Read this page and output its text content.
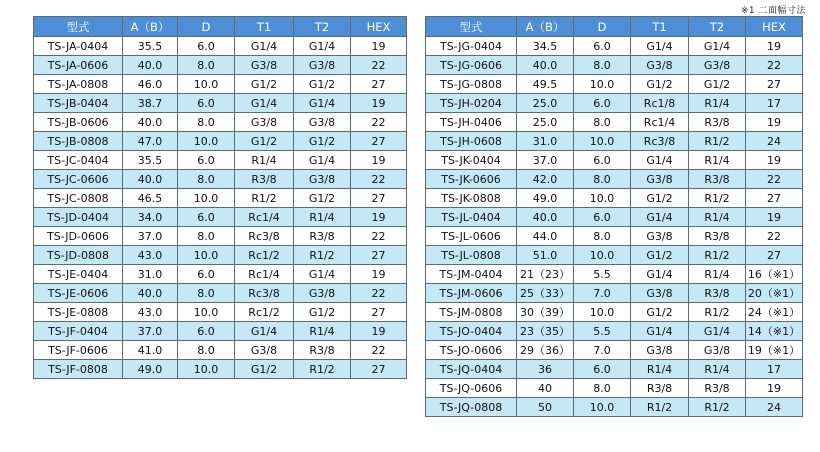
※1 二面幅寸法
型式	A（B）	D	T1	T2	HEX
TS-JA-0404	35.5	6.0	G1/4	G1/4	19
TS-JA-0606	40.0	8.0	G3/8	G3/8	22
TS-JA-0808	46.0	10.0	G1/2	G1/2	27
TS-JB-0404	38.7	6.0	G1/4	G1/4	19
TS-JB-0606	40.0	8.0	G3/8	G3/8	22
TS-JB-0808	47.0	10.0	G1/2	G1/2	27
TS-JC-0404	35.5	6.0	R1/4	G1/4	19
TS-JC-0606	40.0	8.0	R3/8	G3/8	22
TS-JC-0808	46.5	10.0	R1/2	G1/2	27
TS-JD-0404	34.0	6.0	Rc1/4	R1/4	19
TS-JD-0606	37.0	8.0	Rc3/8	R3/8	22
TS-JD-0808	43.0	10.0	Rc1/2	R1/2	27
TS-JE-0404	31.0	6.0	Rc1/4	G1/4	19
TS-JE-0606	40.0	8.0	Rc3/8	G3/8	22
TS-JE-0808	43.0	10.0	Rc1/2	G1/2	27
TS-JF-0404	37.0	6.0	G1/4	R1/4	19
TS-JF-0606	41.0	8.0	G3/8	R3/8	22
TS-JF-0808	49.0	10.0	G1/2	R1/2	27
型式	A（B）	D	T1	T2	HEX
TS-JG-0404	34.5	6.0	G1/4	G1/4	19
TS-JG-0606	40.0	8.0	G3/8	G3/8	22
TS-JG-0808	49.5	10.0	G1/2	G1/2	27
TS-JH-0204	25.0	6.0	Rc1/8	R1/4	17
TS-JH-0406	25.0	8.0	Rc1/4	R3/8	19
TS-JH-0608	31.0	10.0	Rc3/8	R1/2	24
TS-JK-0404	37.0	6.0	G1/4	R1/4	19
TS-JK-0606	42.0	8.0	G3/8	R3/8	22
TS-JK-0808	49.0	10.0	G1/2	R1/2	27
TS-JL-0404	40.0	6.0	G1/4	R1/4	19
TS-JL-0606	44.0	8.0	G3/8	R3/8	22
TS-JL-0808	51.0	10.0	G1/2	R1/2	27
TS-JM-0404	21（23）	5.5	G1/4	R1/4	16（※1）
TS-JM-0606	25（33）	7.0	G3/8	R3/8	20（※1）
TS-JM-0808	30（39）	10.0	G1/2	R1/2	24（※1）
TS-JO-0404	23（35）	5.5	G1/4	G1/4	14（※1）
TS-JO-0606	29（36）	7.0	G3/8	G3/8	19（※1）
TS-JQ-0404	36	6.0	R1/4	R1/4	17
TS-JQ-0606	40	8.0	R3/8	R3/8	19
TS-JQ-0808	50	10.0	R1/2	R1/2	24
